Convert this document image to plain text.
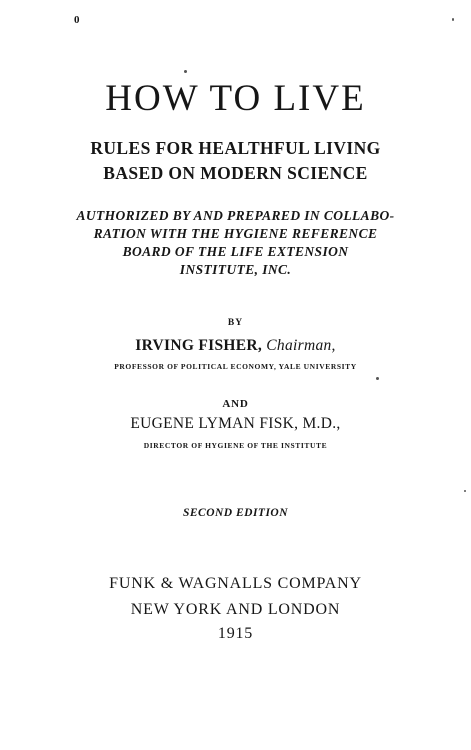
0
HOW TO LIVE
RULES FOR HEALTHFUL LIVING
BASED ON MODERN SCIENCE
AUTHORIZED BY AND PREPARED IN COLLABO-
RATION WITH THE HYGIENE REFERENCE
BOARD OF THE LIFE EXTENSION
INSTITUTE, INC.
BY
IRVING FISHER, Chairman,
PROFESSOR OF POLITICAL ECONOMY, YALE UNIVERSITY
AND
EUGENE LYMAN FISK, M.D.,
DIRECTOR OF HYGIENE OF THE INSTITUTE
SECOND EDITION
FUNK & WAGNALLS COMPANY
NEW YORK AND LONDON
1915
